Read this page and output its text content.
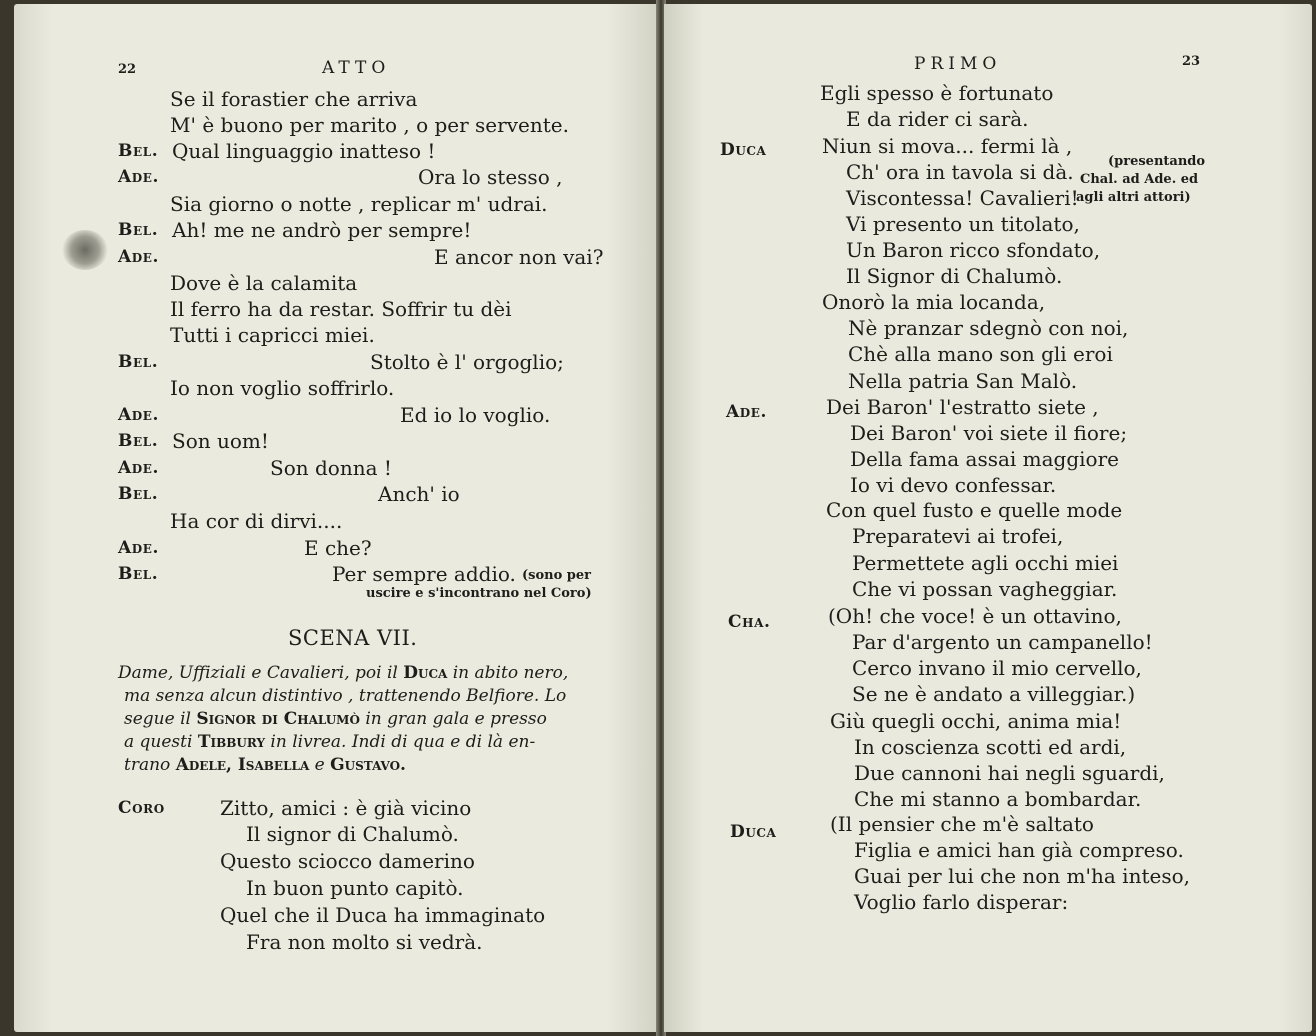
22	ATTO
Se il forastier che arriva
M' è buono per marito , o per servente.
Bel. Qual linguaggio inatteso !
Ade.	Ora lo stesso ,
Sia giorno o notte , replicar m' udrai.
Bel. Ah! me ne andrò per sempre!
Ade.	E ancor non vai?
Dove è la calamita
Il ferro ha da restar. Soffrir tu dèi
Tutti i capricci miei.
Bel.	Stolto è l' orgoglio;
Io non voglio soffrirlo.
Ade.	Ed io lo voglio.
Bel. Son uom!
Ade.	Son donna !
Bel.	Anch' io
Ha cor di dirvi....
Ade.	E che?
Bel.	Per sempre addio. (sono per
uscire e s'incontrano nel Coro)
SCENA VII.
Dame, Uffiziali e Cavalieri, poi il Duca in abito nero,
ma senza alcun distintivo , trattenendo Belfiore. Lo
segue il Signor di Chalumò in gran gala e presso
a questi Tibbury in livrea. Indi di qua e di là en-
trano Adele, Isabella e Gustavo.
Coro	Zitto, amici : è già vicino
Il signor di Chalumò.
Questo sciocco damerino
In buon punto capitò.
Quel che il Duca ha immaginato
Fra non molto si vedrà.
PRIMO	23
Egli spesso è fortunato
E da rider ci sarà.
Duca	Niun si mova... fermi là ,
Ch' ora in tavola si dà.	(presentando
Chal. ad Ade. ed
agli altri attori)
Viscontessa! Cavalieri!
Vi presento un titolato,
Un Baron ricco sfondato,
Il Signor di Chalumò.
Onorò la mia locanda,
Nè pranzar sdegnò con noi,
Chè alla mano son gli eroi
Nella patria San Malò.
Ade.	Dei Baron' l'estratto siete ,
Dei Baron' voi siete il fiore;
Della fama assai maggiore
Io vi devo confessar.
Con quel fusto e quelle mode
Preparatevi ai trofei,
Permettete agli occhi miei
Che vi possan vagheggiar.
Cha.	(Oh! che voce! è un ottavino,
Par d'argento un campanello!
Cerco invano il mio cervello,
Se ne è andato a villeggiar.)
Giù quegli occhi, anima mia!
In coscienza scotti ed ardi,
Due cannoni hai negli sguardi,
Che mi stanno a bombardar.
Duca	(Il pensier che m'è saltato
Figlia e amici han già compreso.
Guai per lui che non m'ha inteso,
Voglio farlo disperar:
